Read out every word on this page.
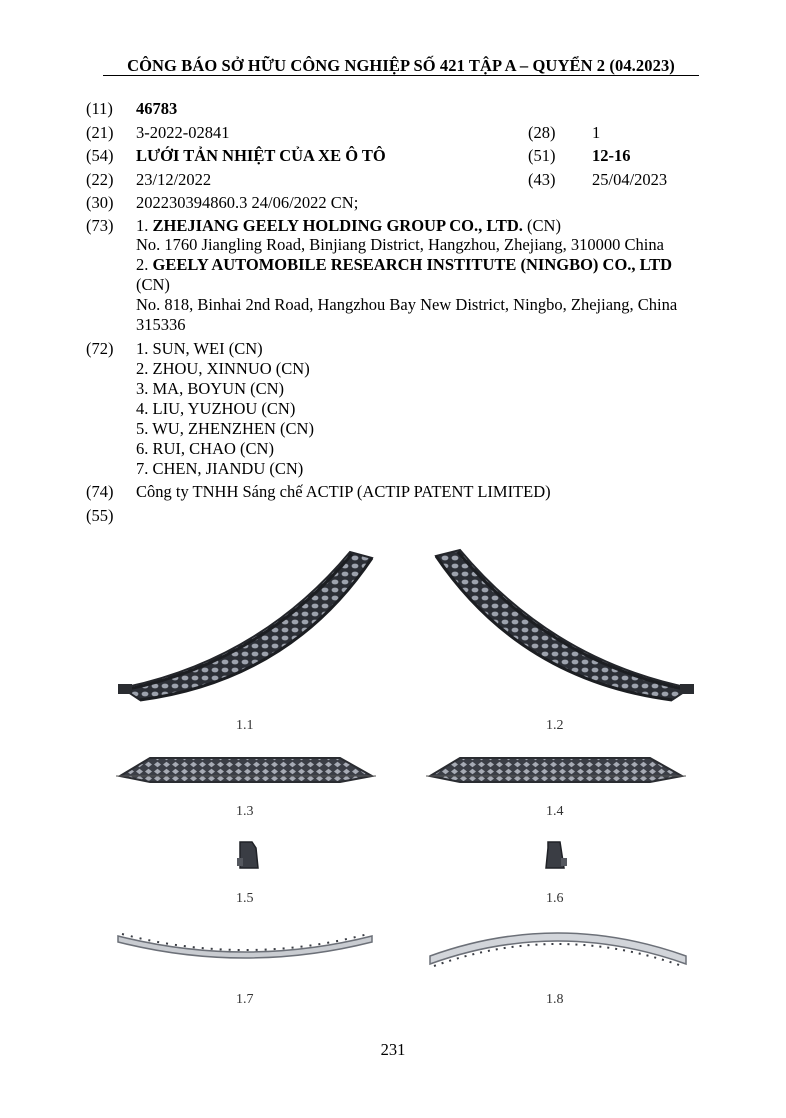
CÔNG BÁO SỞ HỮU CÔNG NGHIỆP SỐ 421 TẬP A – QUYỂN 2 (04.2023)
(11) 46783
(21) 3-2022-02841	(28) 1
(54) LƯỚI TẢN NHIỆT CỦA XE Ô TÔ	(51) 12-16
(22) 23/12/2022	(43) 25/04/2023
(30) 202230394860.3 24/06/2022 CN;
(73) 1. ZHEJIANG GEELY HOLDING GROUP CO., LTD. (CN)
No. 1760 Jiangling Road, Binjiang District, Hangzhou, Zhejiang, 310000 China
2. GEELY AUTOMOBILE RESEARCH INSTITUTE (NINGBO) CO., LTD
(CN)
No. 818, Binhai 2nd Road, Hangzhou Bay New District, Ningbo, Zhejiang, China
315336
(72) 1. SUN, WEI (CN)
2. ZHOU, XINNUO (CN)
3. MA, BOYUN (CN)
4. LIU, YUZHOU (CN)
5. WU, ZHENZHEN (CN)
6. RUI, CHAO (CN)
7. CHEN, JIANDU (CN)
(74) Công ty TNHH Sáng chế ACTIP (ACTIP PATENT LIMITED)
(55)
1.1	1.2
1.3	1.4
1.5	1.6
1.7	1.8
231
